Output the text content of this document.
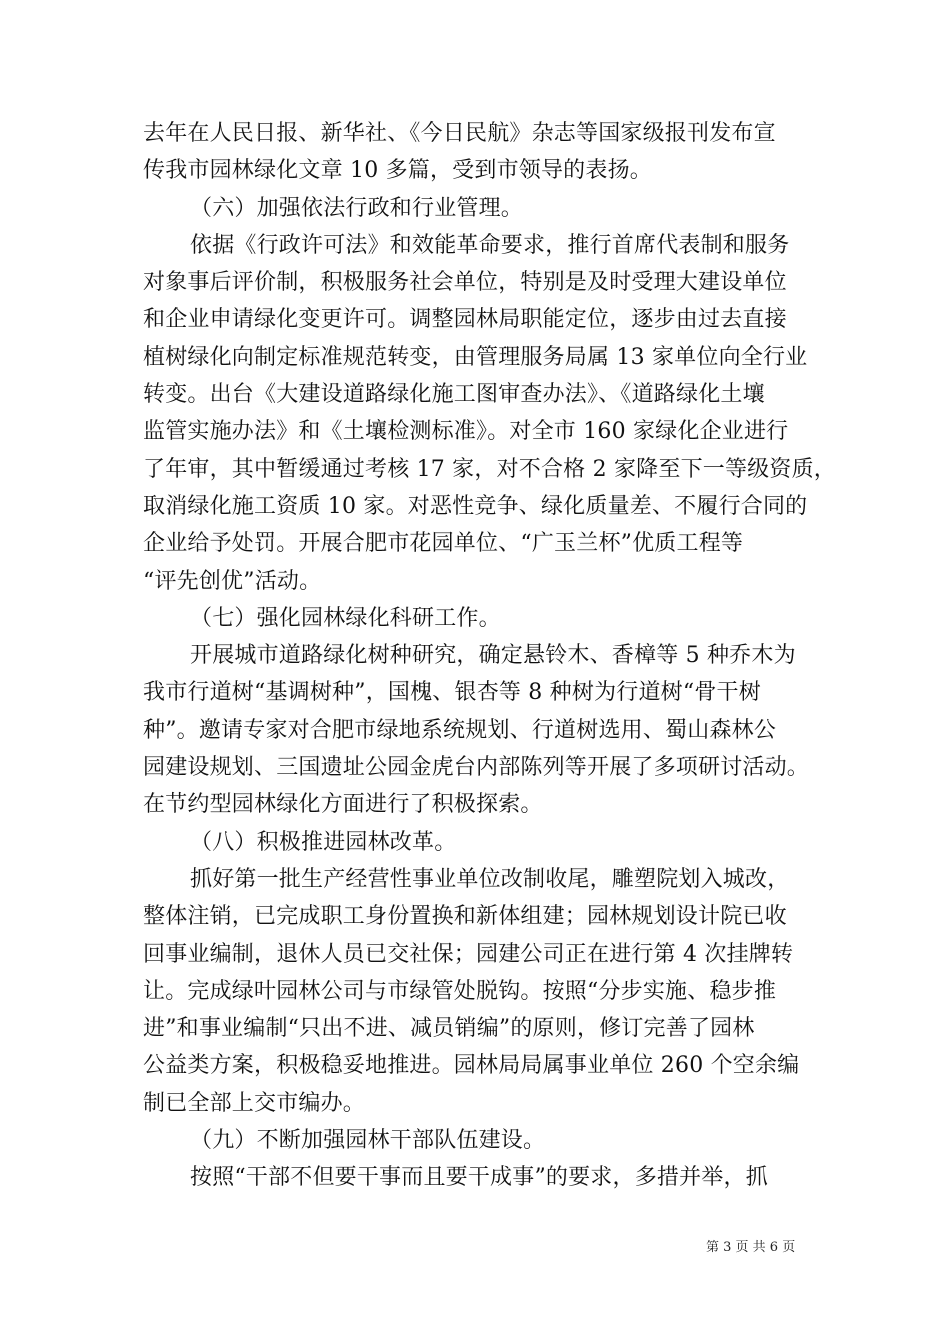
去年在人民日报、新华社、《今日民航》杂志等国家级报刊发布宣
传我市园林绿化文章 10 多篇，受到市领导的表扬。
（六）加强依法行政和行业管理。
依据《行政许可法》和效能革命要求，推行首席代表制和服务
对象事后评价制，积极服务社会单位，特别是及时受理大建设单位
和企业申请绿化变更许可。调整园林局职能定位，逐步由过去直接
植树绿化向制定标准规范转变，由管理服务局属 13 家单位向全行业
转变。出台《大建设道路绿化施工图审查办法》、《道路绿化土壤
监管实施办法》和《土壤检测标准》。对全市 160 家绿化企业进行
了年审，其中暂缓通过考核 17 家，对不合格 2 家降至下一等级资质，
取消绿化施工资质 10 家。对恶性竞争、绿化质量差、不履行合同的
企业给予处罚。开展合肥市花园单位、“广玉兰杯”优质工程等
“评先创优”活动。
（七）强化园林绿化科研工作。
开展城市道路绿化树种研究，确定悬铃木、香樟等 5 种乔木为
我市行道树“基调树种”，国槐、银杏等 8 种树为行道树“骨干树
种”。邀请专家对合肥市绿地系统规划、行道树选用、蜀山森林公
园建设规划、三国遗址公园金虎台内部陈列等开展了多项研讨活动。
在节约型园林绿化方面进行了积极探索。
（八）积极推进园林改革。
抓好第一批生产经营性事业单位改制收尾，雕塑院划入城改，
整体注销，已完成职工身份置换和新体组建；园林规划设计院已收
回事业编制，退休人员已交社保；园建公司正在进行第 4 次挂牌转
让。完成绿叶园林公司与市绿管处脱钩。按照“分步实施、稳步推
进”和事业编制“只出不进、减员销编”的原则，修订完善了园林
公益类方案，积极稳妥地推进。园林局局属事业单位 260 个空余编
制已全部上交市编办。
（九）不断加强园林干部队伍建设。
按照“干部不但要干事而且要干成事”的要求，多措并举，抓
第 3 页 共 6 页
